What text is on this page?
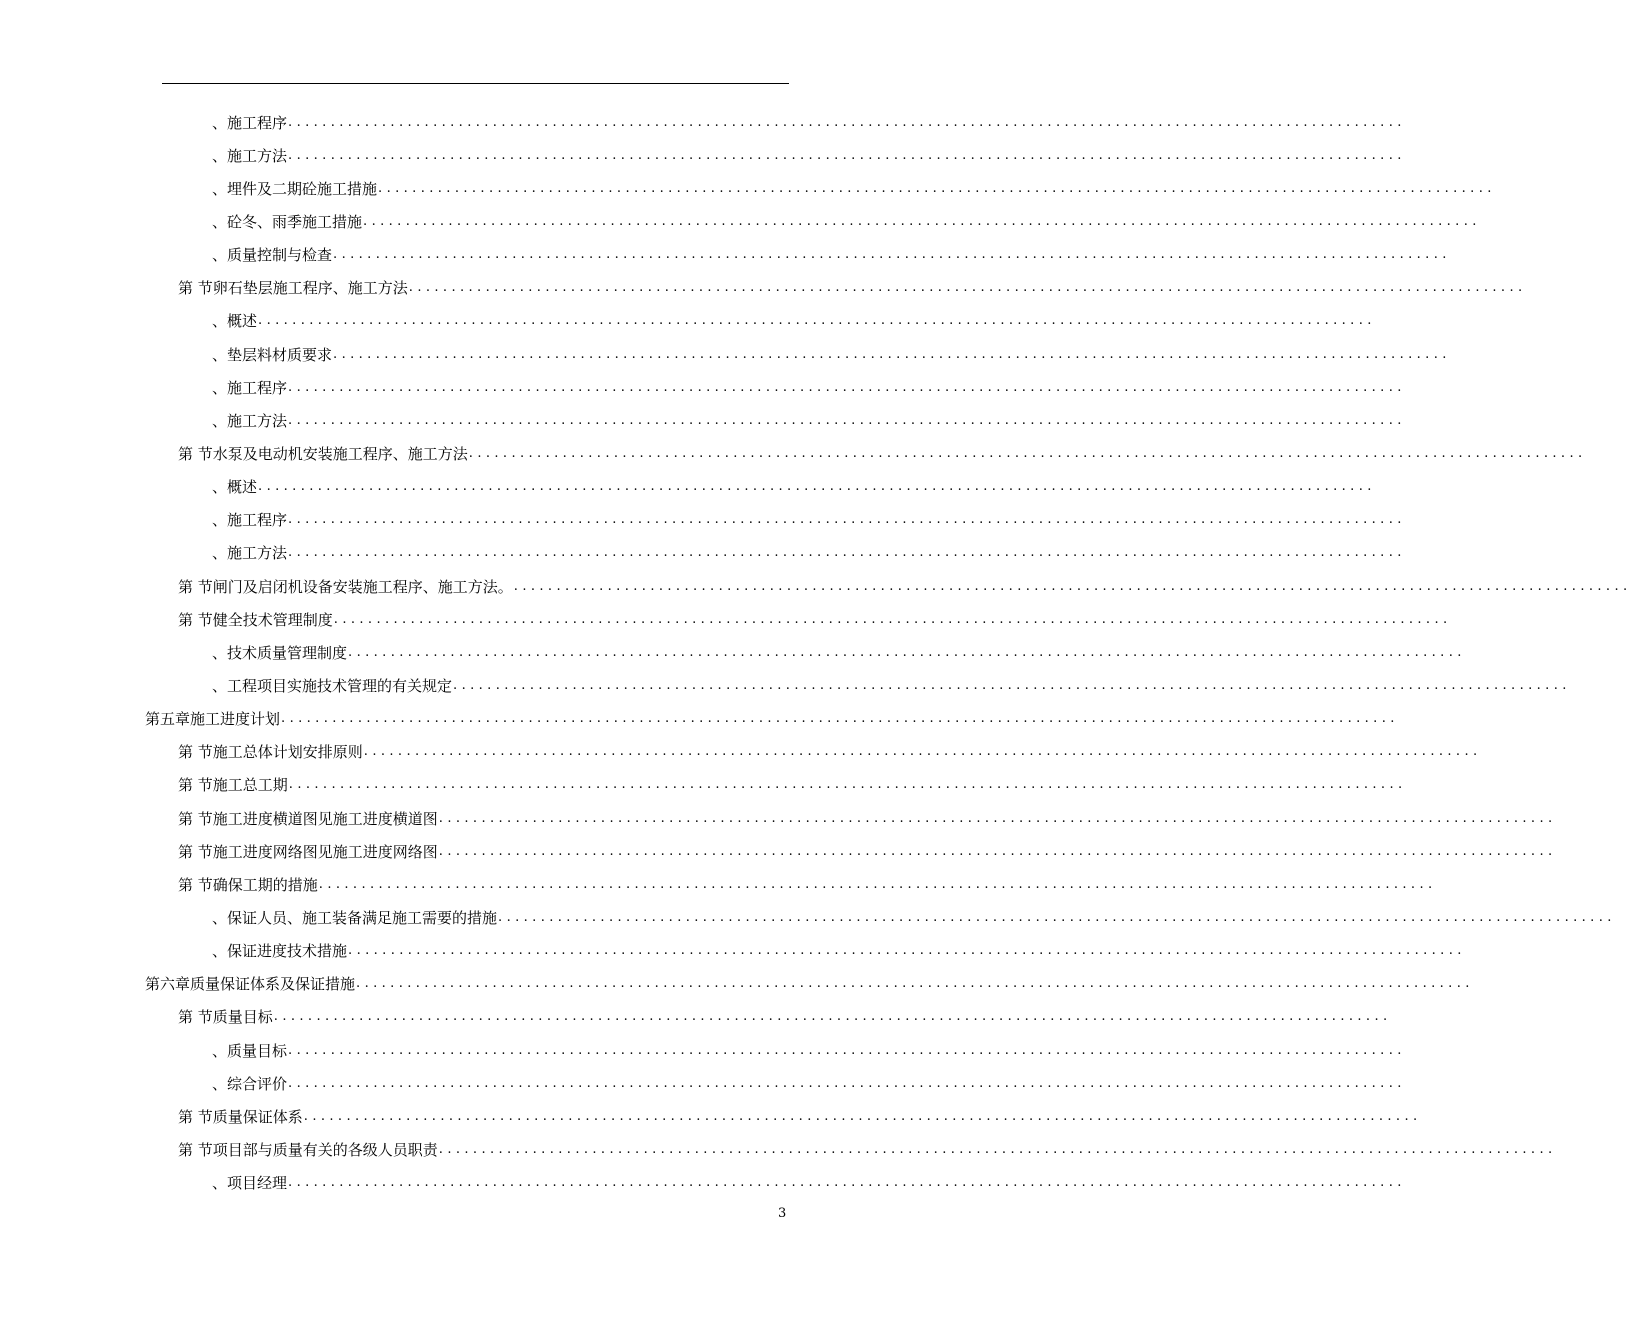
、 施工程序 ...................................................................................................................................
、 施工方法 ...................................................................................................................................
、 埋件及二期砼施工措施 ...................................................................................................................................
、 砼冬、雨季施工措施 ...................................................................................................................................
、 质量控制与检查 ...................................................................................................................................
第 节 卵石垫层施工程序、施工方法 ...................................................................................................................................
、 概述 ...................................................................................................................................
、 垫层料材质要求 ...................................................................................................................................
、 施工程序 ...................................................................................................................................
、 施工方法 ...................................................................................................................................
第 节 水泵及电动机安装施工程序、施工方法 ...................................................................................................................................
、 概述 ...................................................................................................................................
、 施工程序 ...................................................................................................................................
、 施工方法 ...................................................................................................................................
第 节 闸门及启闭机设备安装施工程序、施工方法。 ...................................................................................................................................
第 节 健全技术管理制度 ...................................................................................................................................
、 技术质量管理制度 ...................................................................................................................................
、 工程项目实施技术管理的有关规定 ...................................................................................................................................
第五章 施工进度计划 ...................................................................................................................................
第 节 施工总体计划安排原则 ...................................................................................................................................
第 节 施工总工期 ...................................................................................................................................
第 节 施工进度横道图见施工进度横道图 ...................................................................................................................................
第 节 施工进度网络图见施工进度网络图 ...................................................................................................................................
第 节 确保工期的措施 ...................................................................................................................................
、 保证人员、施工装备满足施工需要的措施 ...................................................................................................................................
、 保证进度技术措施 ...................................................................................................................................
第六章 质量保证体系及保证措施 ...................................................................................................................................
第 节 质量目标 ...................................................................................................................................
、 质量目标 ...................................................................................................................................
、 综合评价 ...................................................................................................................................
第 节 质量保证体系 ...................................................................................................................................
第 节 项目部与质量有关的各级人员职责 ...................................................................................................................................
、 项目经理 ...................................................................................................................................
3
